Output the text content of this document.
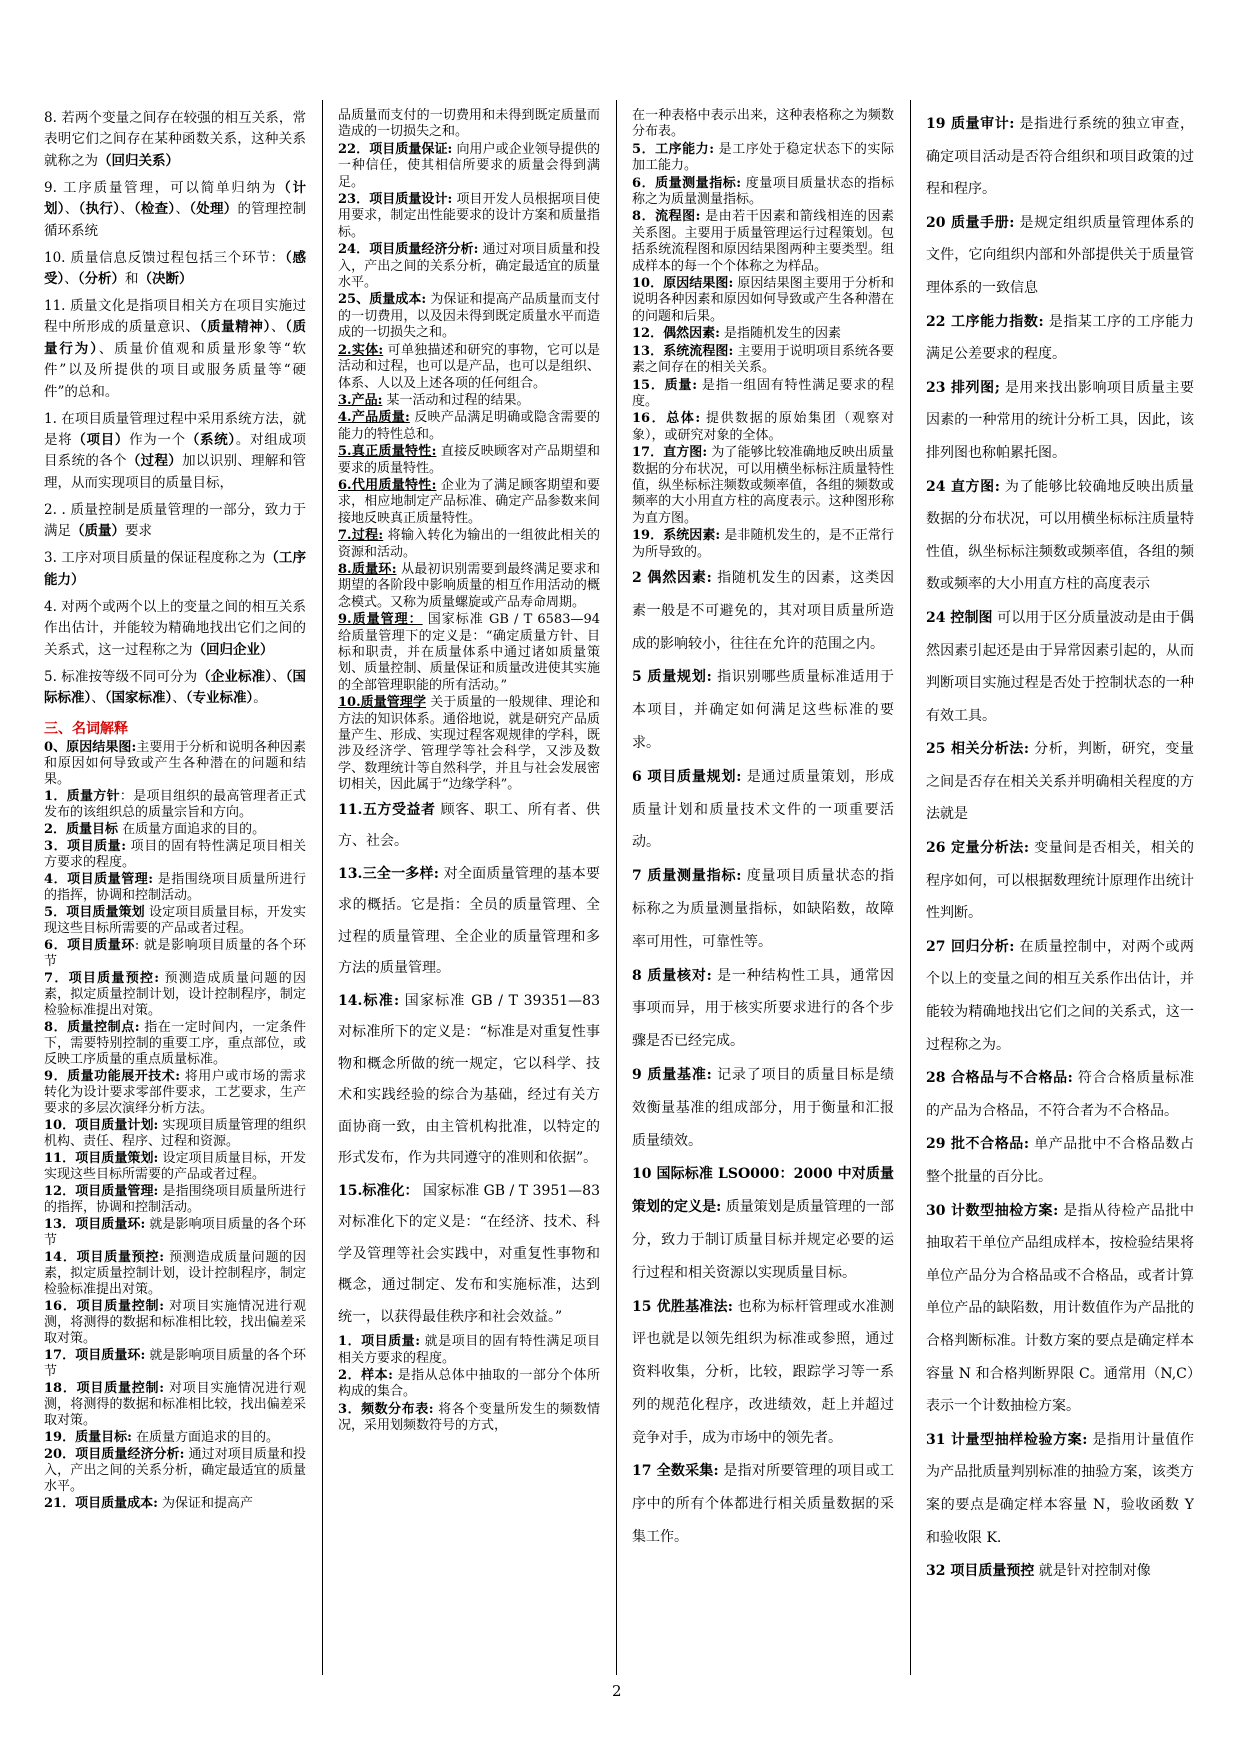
8. 若两个变量之间存在较强的相互关系，常表明它们之间存在某种函数关系，这种关系就称之为（回归关系）
9. 工序质量管理，可以简单归纳为（计划）、（执行）、（检查）、（处理）的管理控制循环系统
10. 质量信息反馈过程包括三个环节：（感受）、（分析）和（决断）
11. 质量文化是指项目相关方在项目实施过程中所形成的质量意识、（质量精神）、（质量行为）、质量价值观和质量形象等“软件”以及所提供的项目或服务质量等“硬件”的总和。
1. 在项目质量管理过程中采用系统方法，就是将（项目）作为一个（系统）。对组成项目系统的各个（过程）加以识别、理解和管理，从而实现项目的质量目标，
2. . 质量控制是质量管理的一部分，致力于满足（质量）要求
3. 工序对项目质量的保证程度称之为（工序能力）
4. 对两个或两个以上的变量之间的相互关系作出估计，并能较为精确地找出它们之间的关系式，这一过程称之为（回归企业）
5. 标准按等级不同可分为（企业标准）、（国际标准）、（国家标准）、（专业标准）。
三、名词解释
0、原因结果图:主要用于分析和说明各种因素和原因如何导致或产生各种潜在的问题和结果。
1．质量方针：是项目组织的最高管理者正式发布的该组织总的质量宗旨和方向。
2．质量目标 在质量方面追求的目的。
3．项目质量: 项目的固有特性满足项目相关方要求的程度。
4．项目质量管理: 是指围绕项目质量所进行的指挥，协调和控制活动。
5．项目质量策划 设定项目质量目标，开发实现这些目标所需要的产品或者过程。
6．项目质量环: 就是影响项目质量的各个环节
7．项目质量预控: 预测造成质量问题的因素，拟定质量控制计划，设计控制程序，制定检验标准提出对策。
8．质量控制点: 指在一定时间内，一定条件下，需要特别控制的重要工序，重点部位，或反映工序质量的重点质量标准。
9．质量功能展开技术: 将用户或市场的需求转化为设计要求零部件要求，工艺要求，生产要求的多层次演绎分析方法。
10．项目质量计划: 实现项目质量管理的组织机构、责任、程序、过程和资源。
11．项目质量策划: 设定项目质量目标，开发实现这些目标所需要的产品或者过程。
12．项目质量管理: 是指围绕项目质量所进行的指挥，协调和控制活动。
13．项目质量环: 就是影响项目质量的各个环节
14．项目质量预控: 预测造成质量问题的因素，拟定质量控制计划，设计控制程序，制定检验标准提出对策。
16．项目质量控制: 对项目实施情况进行观测，将测得的数据和标准相比较，找出偏差采取对策。
17．项目质量环: 就是影响项目质量的各个环节
18．项目质量控制: 对项目实施情况进行观测，将测得的数据和标准相比较，找出偏差采取对策。
19．质量目标: 在质量方面追求的目的。
20．项目质量经济分析: 通过对项目质量和投入，产出之间的关系分析，确定最适宜的质量水平。
21．项目质量成本: 为保证和提高产
品质量而支付的一切费用和未得到既定质量而造成的一切损失之和。
22．项目质量保证: 向用户或企业领导提供的一种信任，使其相信所要求的质量会得到满足。
23．项目质量设计: 项目开发人员根据项目使用要求，制定出性能要求的设计方案和质量指标。
24．项目质量经济分析: 通过对项目质量和投入，产出之间的关系分析，确定最适宜的质量水平。
25、质量成本: 为保证和提高产品质量而支付的一切费用，以及因未得到既定质量水平而造成的一切损失之和。
2.实体: 可单独描述和研究的事物，它可以是活动和过程，也可以是产品，也可以是组织、体系、人以及上述各项的任何组合。
3.产品: 某一活动和过程的结果。
4.产品质量: 反映产品满足明确或隐含需要的能力的特性总和。
5.真正质量特性: 直接反映顾客对产品期望和要求的质量特性。
6.代用质量特性: 企业为了满足顾客期望和要求，相应地制定产品标准、确定产品参数来间接地反映真正质量特性。
7.过程: 将输入转化为输出的一组彼此相关的资源和活动。
8.质量环: 从最初识别需要到最终满足要求和期望的各阶段中影响质量的相互作用活动的概念模式。又称为质量螺旋或产品寿命周期。
9.质量管理： 国家标准 GB / T 6583—94 给质量管理下的定义是：“确定质量方针、目标和职责，并在质量体系中通过诸如质量策划、质量控制、质量保证和质量改进使其实施的全部管理职能的所有活动。”
10.质量管理学 关于质量的一般规律、理论和方法的知识体系。通俗地说，就是研究产品质量产生、形成、实现过程客观规律的学科，既涉及经济学、管理学等社会科学，又涉及数学、数理统计等自然科学，并且与社会发展密切相关，因此属于“边缘学科”。
11.五方受益者 顾客、职工、所有者、供方、社会。
13.三全一多样: 对全面质量管理的基本要求的概括。它是指：全员的质量管理、全过程的质量管理、全企业的质量管理和多方法的质量管理。
14.标准: 国家标准 GB / T 39351—83 对标准所下的定义是：“标准是对重复性事物和概念所做的统一规定，它以科学、技术和实践经验的综合为基础，经过有关方面协商一致，由主管机构批准，以特定的形式发布，作为共同遵守的准则和依据”。
15.标准化： 国家标准 GB / T 3951—83 对标准化下的定义是：“在经济、技术、科学及管理等社会实践中，对重复性事物和概念，通过制定、发布和实施标准，达到统一，以获得最佳秩序和社会效益。”
1．项目质量: 就是项目的固有特性满足项目相关方要求的程度。
2．样本: 是指从总体中抽取的一部分个体所构成的集合。
3．频数分布表: 将各个变量所发生的频数情况，采用划频数符号的方式，
在一种表格中表示出来，这种表格称之为频数分布表。
5．工序能力: 是工序处于稳定状态下的实际加工能力。
6．质量测量指标: 度量项目质量状态的指标称之为质量测量指标。
8．流程图: 是由若干因素和箭线相连的因素关系图。主要用于质量管理运行过程策划。包括系统流程图和原因结果图两种主要类型。组成样本的每一个个体称之为样品。
10．原因结果图: 原因结果图主要用于分析和说明各种因素和原因如何导致或产生各种潜在的问题和后果。
12．偶然因素: 是指随机发生的因素
13．系统流程图: 主要用于说明项目系统各要素之间存在的相关关系。
15．质量: 是指一组固有特性满足要求的程度。
16．总体: 提供数据的原始集团（观察对象），或研究对象的全体。
17．直方图: 为了能够比较准确地反映出质量数据的分布状况，可以用横坐标标注质量特性值，纵坐标标注频数或频率值，各组的频数或频率的大小用直方柱的高度表示。这种图形称为直方图。
19．系统因素: 是非随机发生的，是不正常行为所导致的。
2 偶然因素: 指随机发生的因素，这类因素一般是不可避免的，其对项目质量所造成的影响较小，往往在允许的范围之内。
5 质量规划: 指识别哪些质量标准适用于本项目，并确定如何满足这些标准的要求。
6 项目质量规划: 是通过质量策划，形成质量计划和质量技术文件的一项重要活动。
7 质量测量指标: 度量项目质量状态的指标称之为质量测量指标，如缺陷数，故障率可用性，可靠性等。
8 质量核对: 是一种结构性工具，通常因事项而异，用于核实所要求进行的各个步骤是否已经完成。
9 质量基准: 记录了项目的质量目标是绩效衡量基准的组成部分，用于衡量和汇报质量绩效。
10 国际标准 LSO000：2000 中对质量策划的定义是: 质量策划是质量管理的一部分，致力于制订质量目标并规定必要的运行过程和相关资源以实现质量目标。
15 优胜基准法: 也称为标杆管理或水准测评也就是以领先组织为标准或参照，通过资料收集，分析，比较，跟踪学习等一系列的规范化程序，改进绩效，赶上并超过竞争对手，成为市场中的领先者。
17 全数采集: 是指对所要管理的项目或工序中的所有个体都进行相关质量数据的采集工作。
19 质量审计: 是指进行系统的独立审查，确定项目活动是否符合组织和项目政策的过程和程序。
20 质量手册: 是规定组织质量管理体系的文件，它向组织内部和外部提供关于质量管理体系的一致信息
22 工序能力指数: 是指某工序的工序能力满足公差要求的程度。
23 排列图; 是用来找出影响项目质量主要因素的一种常用的统计分析工具，因此，该排列图也称帕累托图。
24 直方图: 为了能够比较确地反映出质量数据的分布状况，可以用横坐标标注质量特性值，纵坐标标注频数或频率值，各组的频数或频率的大小用直方柱的高度表示
24 控制图 可以用于区分质量波动是由于偶然因素引起还是由于异常因素引起的，从而判断项目实施过程是否处于控制状态的一种有效工具。
25 相关分析法: 分析，判断，研究，变量之间是否存在相关关系并明确相关程度的方法就是
26 定量分析法: 变量间是否相关，相关的程序如何，可以根据数理统计原理作出统计性判断。
27 回归分析: 在质量控制中，对两个或两个以上的变量之间的相互关系作出估计，并能较为精确地找出它们之间的关系式，这一过程称之为。
28 合格品与不合格品: 符合合格质量标准的产品为合格品，不符合者为不合格品。
29 批不合格品: 单产品批中不合格品数占整个批量的百分比。
30 计数型抽检方案: 是指从待检产品批中抽取若干单位产品组成样本，按检验结果将单位产品分为合格品或不合格品，或者计算单位产品的缺陷数，用计数值作为产品批的合格判断标准。计数方案的要点是确定样本容量 N 和合格判断界限 C。通常用（N,C）表示一个计数抽检方案。
31 计量型抽样检验方案: 是指用计量值作为产品批质量判别标准的抽验方案，该类方案的要点是确定样本容量 N，验收函数 Y 和验收限 K.
32 项目质量预控 就是针对控制对像
2
